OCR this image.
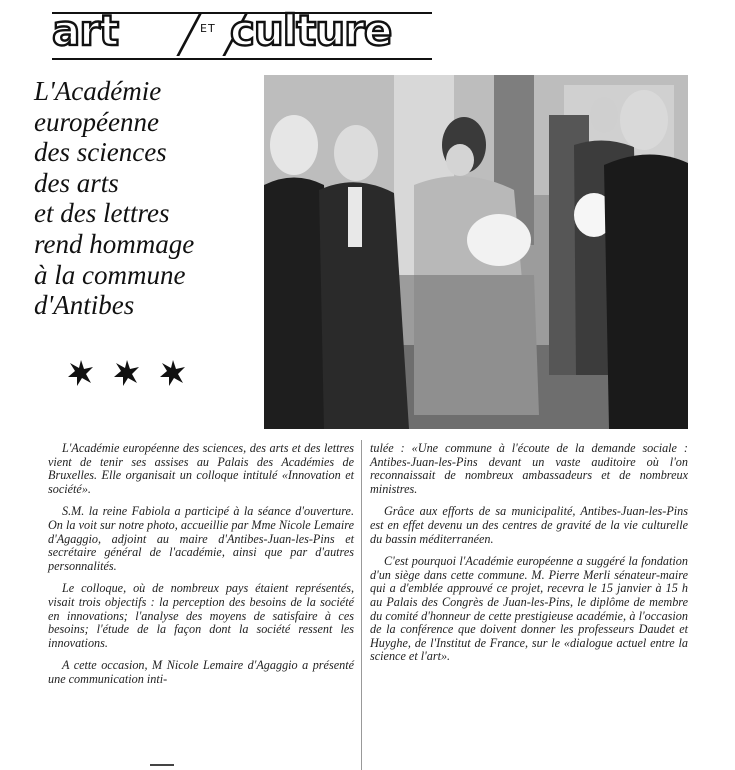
art	ET culture
L'Académie
européenne
des sciences
des arts
et des lettres
rend hommage
à la commune
d'Antibes

L'Académie européenne des sciences, des arts et des lettres vient de tenir ses assises au Palais des Académies de Bruxelles. Elle organisait un colloque intitulé «Innovation et société».

S.M. la reine Fabiola a participé à la séance d'ouverture. On la voit sur notre photo, accueillie par Mme Nicole Lemaire d'Agaggio, adjoint au maire d'Antibes-Juan-les-Pins et secrétaire général de l'académie, ainsi que par d'autres personnalités.

Le colloque, où de nombreux pays étaient représentés, visait trois objectifs : la perception des besoins de la société en innovations; l'analyse des moyens de satisfaire à ces besoins; l'étude de la façon dont la société ressent les innovations.

A cette occasion, M Nicole Lemaire d'Agaggio a présenté une communication inti-

tulée : «Une commune à l'écoute de la demande sociale : Antibes-Juan-les-Pins devant un vaste auditoire où l'on reconnaissait de nombreux ambassadeurs et de nombreux ministres.

Grâce aux efforts de sa municipalité, Antibes-Juan-les-Pins est en effet devenu un des centres de gravité de la vie culturelle du bassin méditerranéen.

C'est pourquoi l'Académie européenne a suggéré la fondation d'un siège dans cette commune. M. Pierre Merli sénateur-maire qui a d'emblée approuvé ce projet, recevra le 15 janvier à 15 h au Palais des Congrès de Juan-les-Pins, le diplôme de membre du comité d'honneur de cette prestigieuse académie, à l'occasion de la conférence que doivent donner les professeurs Daudet et Huyghe, de l'Institut de France, sur le «dialogue actuel entre la science et l'art».
